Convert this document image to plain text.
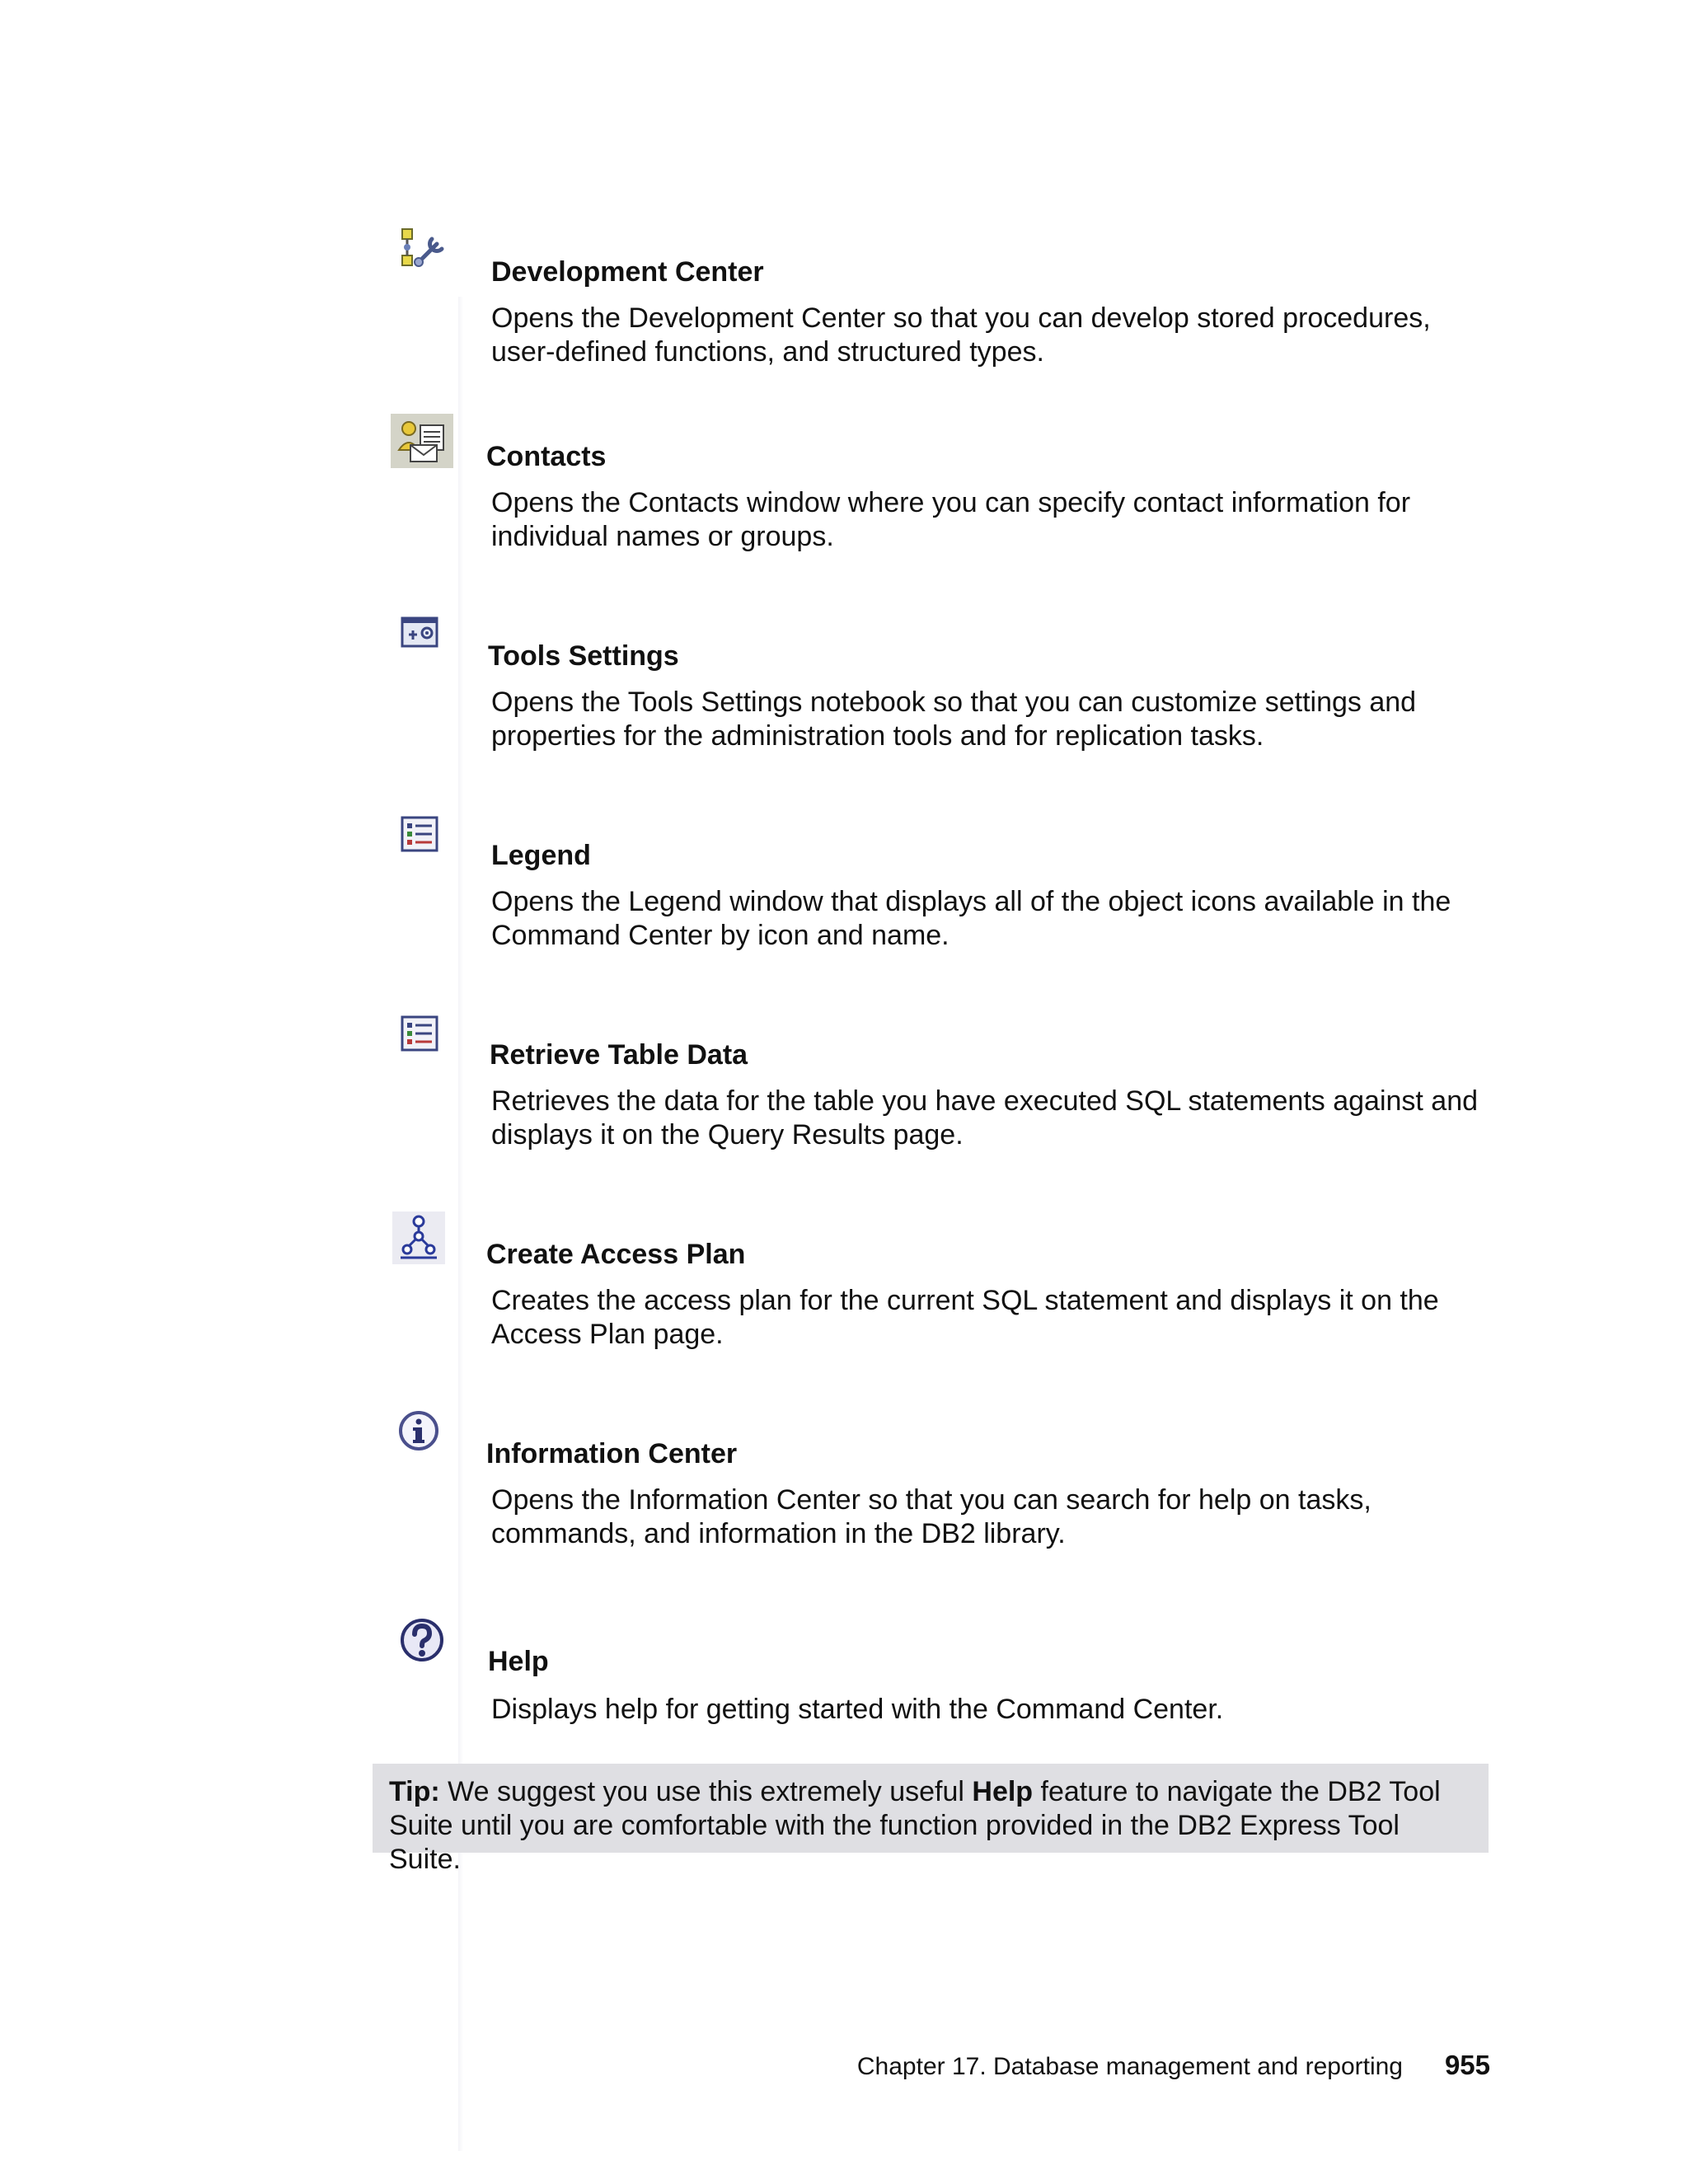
Development Center
Opens the Development Center so that you can develop stored procedures, user-defined functions, and structured types.
Contacts
Opens the Contacts window where you can specify contact information for individual names or groups.
Tools Settings
Opens the Tools Settings notebook so that you can customize settings and properties for the administration tools and for replication tasks.
Legend
Opens the Legend window that displays all of the object icons available in the Command Center by icon and name.
Retrieve Table Data
Retrieves the data for the table you have executed SQL statements against and displays it on the Query Results page.
Create Access Plan
Creates the access plan for the current SQL statement and displays it on the Access Plan page.
Information Center
Opens the Information Center so that you can search for help on tasks, commands, and information in the DB2 library.
Help
Displays help for getting started with the Command Center.
Tip: We suggest you use this extremely useful Help feature to navigate the DB2 Tool Suite until you are comfortable with the function provided in the DB2 Express Tool Suite.
Chapter 17. Database management and reporting 955
